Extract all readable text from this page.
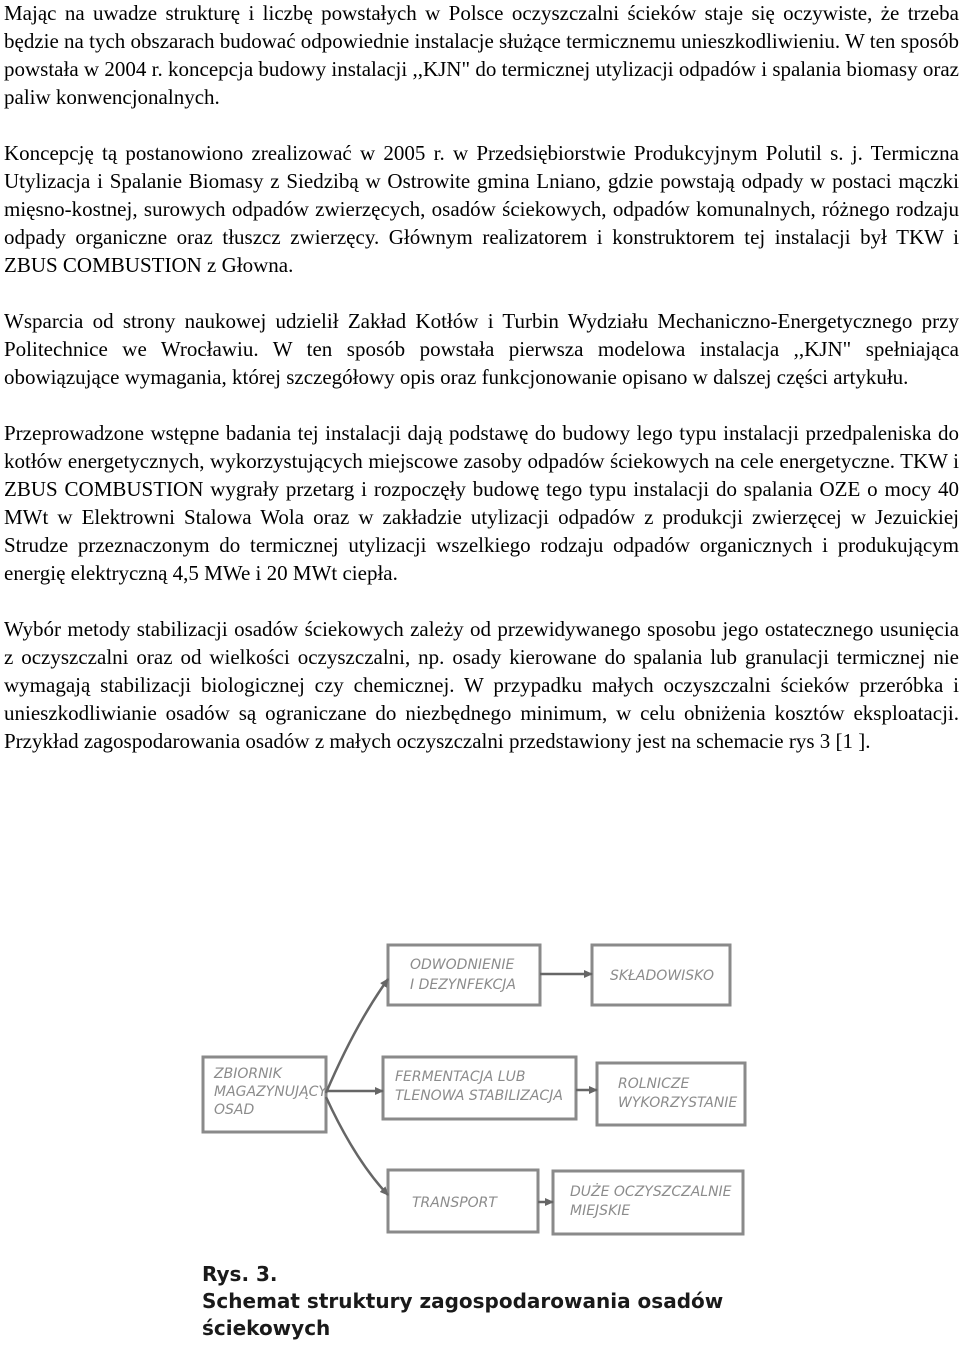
Mając na uwadze strukturę i liczbę powstałych w Polsce oczyszczalni ścieków staje się oczywiste, że trzeba będzie na tych obszarach budować odpowiednie instalacje służące termicznemu unieszkodliwieniu. W ten sposób powstała w 2004 r. koncepcja budowy instalacji ,,KJN" do termicznej utylizacji odpadów i spalania biomasy oraz paliw konwencjonalnych.

Koncepcję tą postanowiono zrealizować w 2005 r. w Przedsiębiorstwie Produkcyjnym Polutil s. j. Termiczna Utylizacja i Spalanie Biomasy z Siedzibą w Ostrowite gmina Lniano, gdzie powstają odpady w postaci mączki mięsno-kostnej, surowych odpadów zwierzęcych, osadów ściekowych, odpadów komunalnych, różnego rodzaju odpady organiczne oraz tłuszcz zwierzęcy. Głównym realizatorem i konstruktorem tej instalacji był TKW i ZBUS COMBUSTION z Głowna.

Wsparcia od strony naukowej udzielił Zakład Kotłów i Turbin Wydziału Mechaniczno-Energetycznego przy Politechnice we Wrocławiu. W ten sposób powstała pierwsza modelowa instalacja ,,KJN" spełniająca obowiązujące wymagania, której szczegółowy opis oraz funkcjonowanie opisano w dalszej części artykułu.

Przeprowadzone wstępne badania tej instalacji dają podstawę do budowy lego typu instalacji przedpaleniska do kotłów energetycznych, wykorzystujących miejscowe zasoby odpadów ściekowych na cele energetyczne. TKW i ZBUS COMBUSTION wygrały przetarg i rozpoczęły budowę tego typu instalacji do spalania OZE o mocy 40 MWt w Elektrowni Stalowa Wola oraz w zakładzie utylizacji odpadów z produkcji zwierzęcej w Jezuickiej Strudze przeznaczonym do termicznej utylizacji wszelkiego rodzaju odpadów organicznych i produkującym energię elektryczną 4,5 MWe i 20 MWt ciepła.

Wybór metody stabilizacji osadów ściekowych zależy od przewidywanego sposobu jego ostatecznego usunięcia z oczyszczalni oraz od wielkości oczyszczalni, np. osady kierowane do spalania lub granulacji termicznej nie wymagają stabilizacji biologicznej czy chemicznej. W przypadku małych oczyszczalni ścieków przeróbka i unieszkodliwianie osadów są ograniczane do niezbędnego minimum, w celu obniżenia kosztów eksploatacji. Przykład zagospodarowania osadów z małych oczyszczalni przedstawiony jest na schemacie rys 3 [1 ].

ZBIORNIK
MAGAZYNUJĄCY
OSAD
ODWODNIENIE
I DEZYNFEKCJA
SKŁADOWISKO
FERMENTACJA LUB
TLENOWA STABILIZACJA
ROLNICZE
WYKORZYSTANIE
TRANSPORT
DUŻE OCZYSZCZALNIE
MIEJSKIE
Rys. 3.
Schemat struktury zagospodarowania osadów
ściekowych
